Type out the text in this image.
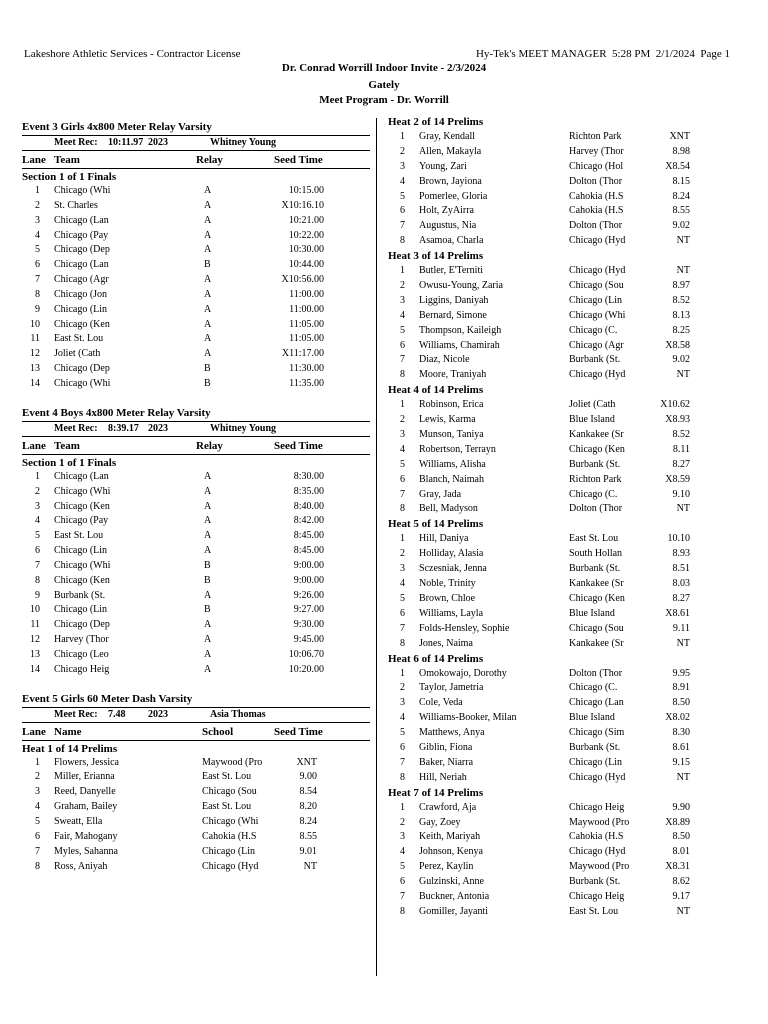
Lakeshore Athletic Services - Contractor License	Hy-Tek's MEET MANAGER  5:28 PM  2/1/2024  Page 1
Dr. Conrad Worrill Indoor Invite - 2/3/2024
Gately
Meet Program - Dr. Worrill
Event 3 Girls 4x800 Meter Relay Varsity
Meet Rec: 10:11.97 2023	Whitney Young
Lane Team	Relay	Seed Time
Section 1 of 1 Finals
1 Chicago (Whi	A	10:15.00
2 St. Charles	A	X10:16.10
3 Chicago (Lan	A	10:21.00
4 Chicago (Pay	A	10:22.00
5 Chicago (Dep	A	10:30.00
6 Chicago (Lan	B	10:44.00
7 Chicago (Agr	A	X10:56.00
8 Chicago (Jon	A	11:00.00
9 Chicago (Lin	A	11:00.00
10 Chicago (Ken	A	11:05.00
11 East St. Lou	A	11:05.00
12 Joliet (Cath	A	X11:17.00
13 Chicago (Dep	B	11:30.00
14 Chicago (Whi	B	11:35.00
Event 4 Boys 4x800 Meter Relay Varsity
Meet Rec: 8:39.17 2023	Whitney Young
Lane Team	Relay	Seed Time
Section 1 of 1 Finals
1 Chicago (Lan	A	8:30.00
2 Chicago (Whi	A	8:35.00
3 Chicago (Ken	A	8:40.00
4 Chicago (Pay	A	8:42.00
5 East St. Lou	A	8:45.00
6 Chicago (Lin	A	8:45.00
7 Chicago (Whi	B	9:00.00
8 Chicago (Ken	B	9:00.00
9 Burbank (St.	A	9:26.00
10 Chicago (Lin	B	9:27.00
11 Chicago (Dep	A	9:30.00
12 Harvey (Thor	A	9:45.00
13 Chicago (Leo	A	10:06.70
14 Chicago Heig	A	10:20.00
Event 5 Girls 60 Meter Dash Varsity
Meet Rec: 7.48 2023	Asia Thomas
Lane Name	School	Seed Time
Heat 1 of 14 Prelims
1 Flowers, Jessica	Maywood (Pro	XNT
2 Miller, Erianna	East St. Lou	9.00
3 Reed, Danyelle	Chicago (Sou	8.54
4 Graham, Bailey	East St. Lou	8.20
5 Sweatt, Ella	Chicago (Whi	8.24
6 Fair, Mahogany	Cahokia (H.S	8.55
7 Myles, Sahanna	Chicago (Lin	9.01
8 Ross, Aniyah	Chicago (Hyd	NT
Heat 2 of 14 Prelims
1 Gray, Kendall	Richton Park	XNT
2 Allen, Makayla	Harvey (Thor	8.98
3 Young, Zari	Chicago (Hol	X8.54
4 Brown, Jayiona	Dolton (Thor	8.15
5 Pomerlee, Gloria	Cahokia (H.S	8.24
6 Holt, ZyAirra	Cahokia (H.S	8.55
7 Augustus, Nia	Dolton (Thor	9.02
8 Asamoa, Charla	Chicago (Hyd	NT
Heat 3 of 14 Prelims
1 Butler, E'Terniti	Chicago (Hyd	NT
2 Owusu-Young, Zaria	Chicago (Sou	8.97
3 Liggins, Daniyah	Chicago (Lin	8.52
4 Bernard, Simone	Chicago (Whi	8.13
5 Thompson, Kaileigh	Chicago (C.	8.25
6 Williams, Chamirah	Chicago (Agr	X8.58
7 Diaz, Nicole	Burbank (St.	9.02
8 Moore, Traniyah	Chicago (Hyd	NT
Heat 4 of 14 Prelims
1 Robinson, Erica	Joliet (Cath	X10.62
2 Lewis, Karma	Blue Island	X8.93
3 Munson, Taniya	Kankakee (Sr	8.52
4 Robertson, Terrayn	Chicago (Ken	8.11
5 Williams, Alisha	Burbank (St.	8.27
6 Blanch, Naimah	Richton Park	X8.59
7 Gray, Jada	Chicago (C.	9.10
8 Bell, Madyson	Dolton (Thor	NT
Heat 5 of 14 Prelims
1 Hill, Daniya	East St. Lou	10.10
2 Holliday, Alasia	South Hollan	8.93
3 Sczesniak, Jenna	Burbank (St.	8.51
4 Noble, Trinity	Kankakee (Sr	8.03
5 Brown, Chloe	Chicago (Ken	8.27
6 Williams, Layla	Blue Island	X8.61
7 Folds-Hensley, Sophie	Chicago (Sou	9.11
8 Jones, Naima	Kankakee (Sr	NT
Heat 6 of 14 Prelims
1 Omokowajo, Dorothy	Dolton (Thor	9.95
2 Taylor, Jametria	Chicago (C.	8.91
3 Cole, Veda	Chicago (Lan	8.50
4 Williams-Booker, Milan	Blue Island	X8.02
5 Matthews, Anya	Chicago (Sim	8.30
6 Giblin, Fiona	Burbank (St.	8.61
7 Baker, Niarra	Chicago (Lin	9.15
8 Hill, Neriah	Chicago (Hyd	NT
Heat 7 of 14 Prelims
1 Crawford, Aja	Chicago Heig	9.90
2 Gay, Zoey	Maywood (Pro	X8.89
3 Keith, Mariyah	Cahokia (H.S	8.50
4 Johnson, Kenya	Chicago (Hyd	8.01
5 Perez, Kaylin	Maywood (Pro	X8.31
6 Gulzinski, Anne	Burbank (St.	8.62
7 Buckner, Antonia	Chicago Heig	9.17
8 Gomiller, Jayanti	East St. Lou	NT
